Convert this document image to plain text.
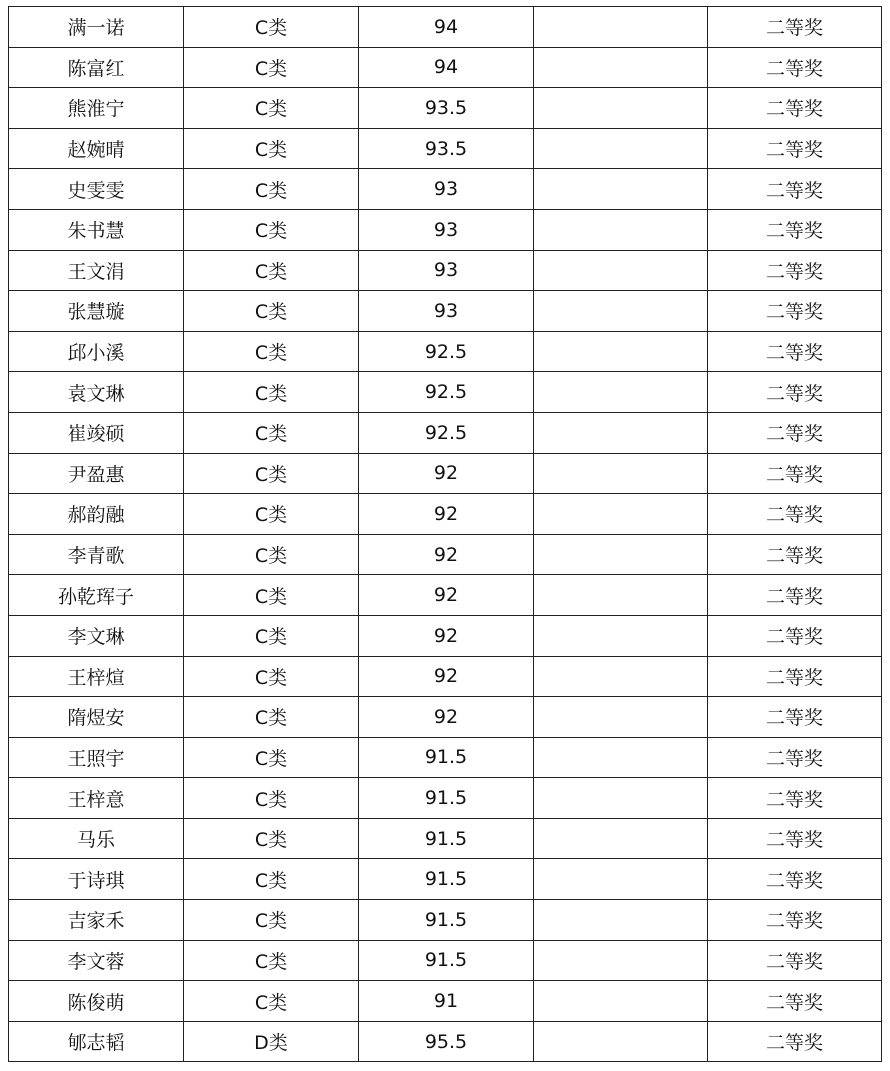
满一诺	C类	94		二等奖
陈富红	C类	94		二等奖
熊淮宁	C类	93.5		二等奖
赵婉晴	C类	93.5		二等奖
史雯雯	C类	93		二等奖
朱书慧	C类	93		二等奖
王文涓	C类	93		二等奖
张慧璇	C类	93		二等奖
邱小溪	C类	92.5		二等奖
袁文琳	C类	92.5		二等奖
崔竣硕	C类	92.5		二等奖
尹盈惠	C类	92		二等奖
郝韵融	C类	92		二等奖
李青歌	C类	92		二等奖
孙乾珲子	C类	92		二等奖
李文琳	C类	92		二等奖
王梓煊	C类	92		二等奖
隋煜安	C类	92		二等奖
王照宇	C类	91.5		二等奖
王梓意	C类	91.5		二等奖
马乐	C类	91.5		二等奖
于诗琪	C类	91.5		二等奖
吉家禾	C类	91.5		二等奖
李文蓉	C类	91.5		二等奖
陈俊萌	C类	91		二等奖
郇志韬	D类	95.5		二等奖
